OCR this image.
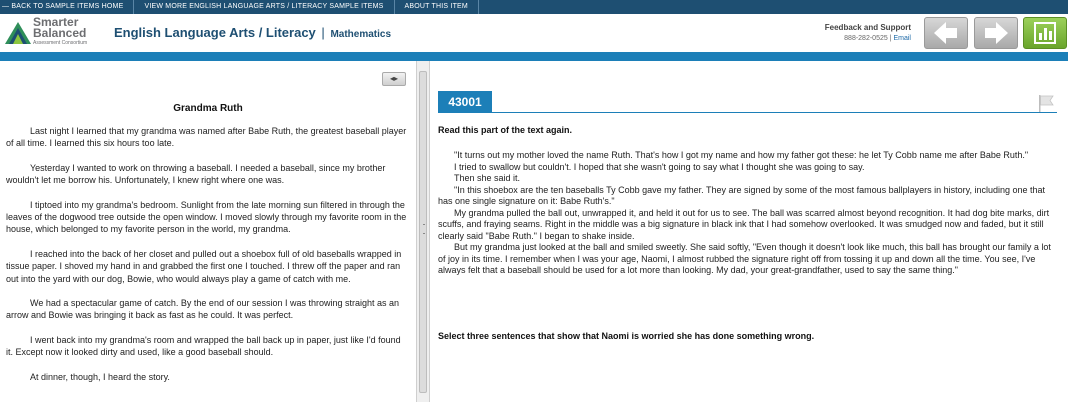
— BACK TO SAMPLE ITEMS HOME	VIEW MORE ENGLISH LANGUAGE ARTS / LITERACY SAMPLE ITEMS	ABOUT THIS ITEM
Smarter
Balanced
Assessment Consortium
English Language Arts / Literacy | Mathematics
Feedback and Support
888-282-0525 | Email
◂▸
Grandma Ruth

Last night I learned that my grandma was named after Babe Ruth, the greatest baseball player of all time. I learned this six hours too late.

Yesterday I wanted to work on throwing a baseball. I needed a baseball, since my brother wouldn't let me borrow his. Unfortunately, I knew right where one was.

I tiptoed into my grandma's bedroom. Sunlight from the late morning sun filtered in through the leaves of the dogwood tree outside the open window. I moved slowly through my favorite room in the house, which belonged to my favorite person in the world, my grandma.

I reached into the back of her closet and pulled out a shoebox full of old baseballs wrapped in tissue paper. I shoved my hand in and grabbed the first one I touched. I threw off the paper and ran out into the yard with our dog, Bowie, who would always play a game of catch with me.

We had a spectacular game of catch. By the end of our session I was throwing straight as an arrow and Bowie was bringing it back as fast as he could. It was perfect.

I went back into my grandma's room and wrapped the ball back up in paper, just like I'd found it. Except now it looked dirty and used, like a good baseball should.

At dinner, though, I heard the story.

43001
Read this part of the text again.

"It turns out my mother loved the name Ruth. That's how I got my name and how my father got these: he let Ty Cobb name me after Babe Ruth."

I tried to swallow but couldn't. I hoped that she wasn't going to say what I thought she was going to say.

Then she said it.

"In this shoebox are the ten baseballs Ty Cobb gave my father. They are signed by some of the most famous ballplayers in history, including one that has one single signature on it: Babe Ruth's."

My grandma pulled the ball out, unwrapped it, and held it out for us to see. The ball was scarred almost beyond recognition. It had dog bite marks, dirt scuffs, and fraying seams. Right in the middle was a big signature in black ink that I had somehow overlooked. It was smudged now and faded, but it still clearly said "Babe Ruth." I began to shake inside.

But my grandma just looked at the ball and smiled sweetly. She said softly, "Even though it doesn't look like much, this ball has brought our family a lot of joy in its time. I remember when I was your age, Naomi, I almost rubbed the signature right off from tossing it up and down all the time. You see, I've always felt that a baseball should be used for a lot more than looking. My dad, your great-grandfather, used to say the same thing."

Select three sentences that show that Naomi is worried she has done something wrong.
